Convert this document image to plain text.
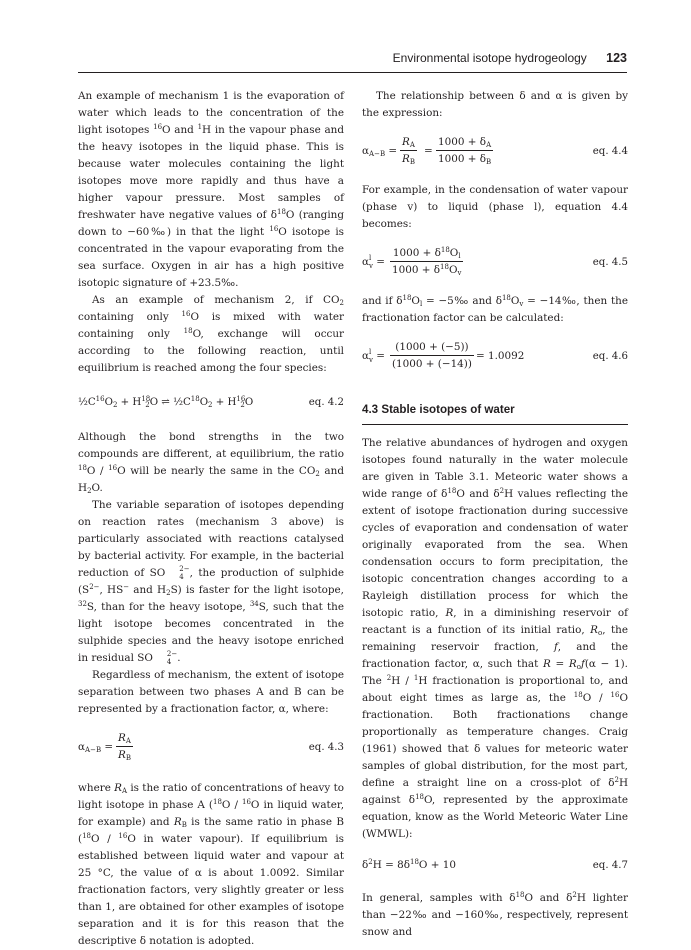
Environmental isotope hydrogeology 123

An example of mechanism 1 is the evaporation of water which leads to the concentration of the light isotopes $^{16}$O and $^1$H in the vapour phase and the heavy isotopes in the liquid phase. This is because water molecules containing the light isotopes move more rapidly and thus have a higher vapour pressure. Most samples of freshwater have negative values of $\delta^{18}O$ (ranging down to −60‰) in that the light $^{16}$O isotope is concentrated in the vapour evaporating from the sea surface. Oxygen in air has a high positive isotopic signature of +23.5‰.

As an example of mechanism 2, if $CO_2$ containing only $^{16}$O is mixed with water containing only $^{18}$O, exchange will occur according to the following reaction, until equilibrium is reached among the four species:

$\frac{1}{2}C^{16}O_2 + H^{18}_2O$ ⇌ $\frac{1}{2}C^{18}O_2 + H^{16}_2O$	eq. 4.2

Although the bond strengths in the two compounds are different, at equilibrium, the ratio $^{18}$O / $^{16}$O will be nearly the same in the $CO_2$ and $H_2O$.

The variable separation of isotopes depending on reaction rates (mechanism 3 above) is particularly associated with reactions catalysed by bacterial activity. For example, in the bacterial reduction of SO	2−
4 , the production of sulphide ($S^{2-}$, HS− and $H_2S$) is faster for the light isotope, $^{32}$S, than for the heavy isotope, $^{34}$S, such that the light isotope becomes concentrated in the sulphide species and the heavy isotope enriched in residual SO	2−
4 .

Regardless of mechanism, the extent of isotope separation between two phases A and B can be represented by a fractionation factor, α, where:

$\alpha_{A-B} = \frac{R_A}{R_B}$	eq. 4.3

where $R_A$ is the ratio of concentrations of heavy to light isotope in phase A ($^{18}$O / $^{16}$O in liquid water, for example) and $R_B$ is the same ratio in phase B ($^{18}$O / $^{16}$O in water vapour). If equilibrium is established between liquid water and vapour at 25 °C, the value of α is about 1.0092. Similar fractionation factors, very slightly greater or less than 1, are obtained for other examples of isotope separation and it is for this reason that the descriptive δ notation is adopted.

The relationship between δ and α is given by the expression:

$\alpha_{A-B} = \frac{R_A}{R_B} = \frac{1000 + \delta_A}{1000 + \delta_B}$	eq. 4.4

For example, in the condensation of water vapour (phase v) to liquid (phase l), equation 4.4 becomes:

α l
$v = \frac{1000 + \delta^{18}O_l}{1000 + \delta^{18}O_v}$	eq. 4.5

and if $\delta^{18}O_l$ = −5‰ and $\delta^{18}O_v$ = −14‰, then the fractionation factor can be calculated:

α l
$v = \frac{(1000 + (-5))}{(1000 + (-14))} = 1.0092$	eq. 4.6
4.3 Stable isotopes of water

The relative abundances of hydrogen and oxygen isotopes found naturally in the water molecule are given in Table 3.1. Meteoric water shows a wide range of $\delta^{18}O$ and $\delta^2H$ values reflecting the extent of isotope fractionation during successive cycles of evaporation and condensation of water originally evaporated from the sea. When condensation occurs to form precipitation, the isotopic concentration changes according to a Rayleigh distillation process for which the isotopic ratio, R, in a diminishing reservoir of reactant is a function of its initial ratio, $R_o$, the remaining reservoir fraction, f, and the fractionation factor, α, such that $R = R_of(\alpha - 1)$. The $^2$H / $^1$H fractionation is proportional to, and about eight times as large as, the $^{18}$O / $^{16}$O fractionation. Both fractionations change proportionally as temperature changes. Craig (1961) showed that δ values for meteoric water samples of global distribution, for the most part, define a straight line on a cross-plot of $\delta^2H$ against $\delta^{18}O$, represented by the approximate equation, know as the World Meteoric Water Line (WMWL):

$\delta^2H = 8\delta^{18}O + 10$	eq. 4.7

In general, samples with $\delta^{18}O$ and $\delta^2H$ lighter than −22‰ and −160‰, respectively, represent snow and
